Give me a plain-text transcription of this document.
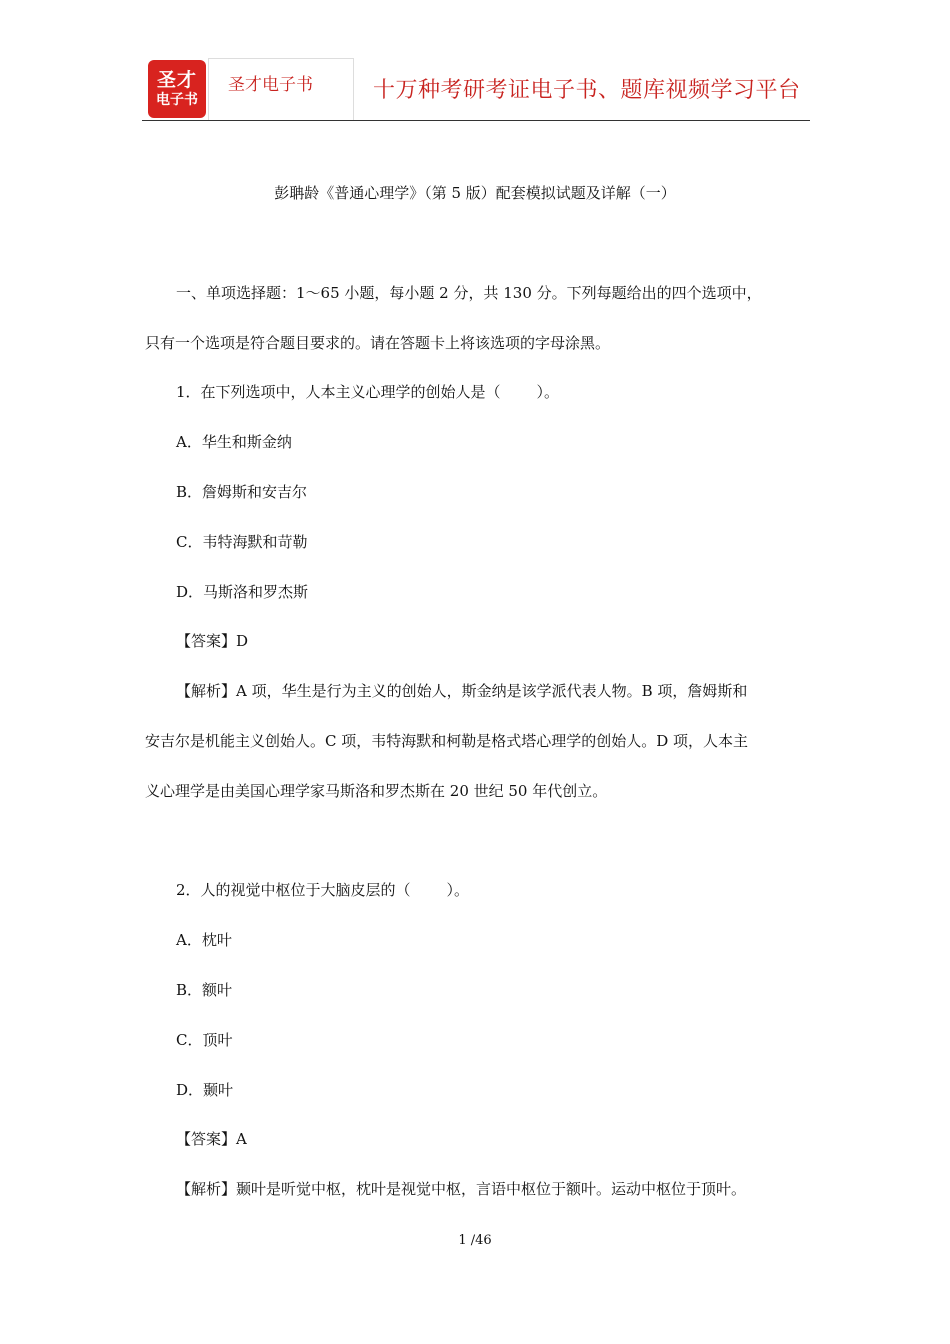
圣才
电子书
圣才电子书	十万种考研考证电子书、题库视频学习平台
彭聃龄《普通心理学》（第 5 版）配套模拟试题及详解（一）
一、单项选择题：1～65 小题，每小题 2 分，共 130 分。下列每题给出的四个选项中，
只有一个选项是符合题目要求的。请在答题卡上将该选项的字母涂黑。
1．在下列选项中，人本主义心理学的创始人是（ ）。
A．华生和斯金纳
B．詹姆斯和安吉尔
C．韦特海默和苛勒
D．马斯洛和罗杰斯
【答案】D
【解析】A 项，华生是行为主义的创始人，斯金纳是该学派代表人物。B 项，詹姆斯和
安吉尔是机能主义创始人。C 项，韦特海默和柯勒是格式塔心理学的创始人。D 项，人本主
义心理学是由美国心理学家马斯洛和罗杰斯在 20 世纪 50 年代创立。
2．人的视觉中枢位于大脑皮层的（ ）。
A．枕叶
B．额叶
C．顶叶
D．颞叶
【答案】A
【解析】颞叶是听觉中枢，枕叶是视觉中枢，言语中枢位于额叶。运动中枢位于顶叶。
1 /46
